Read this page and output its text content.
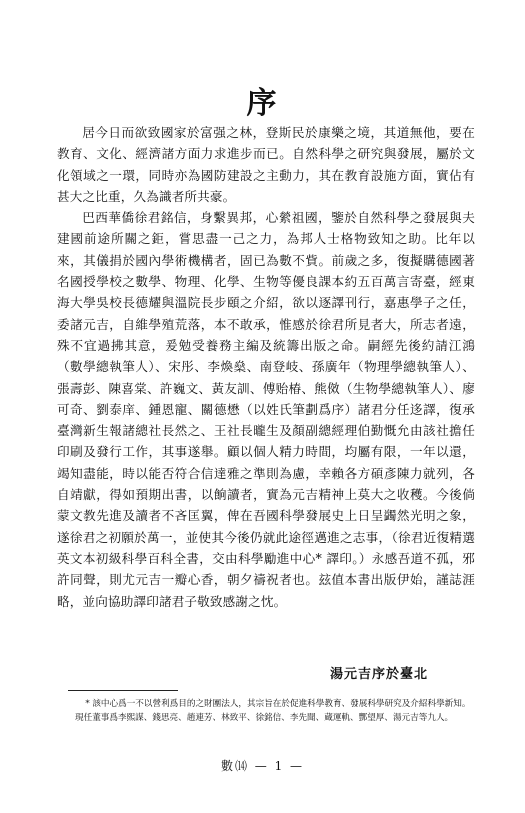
序

居今日而欲致國家於富强之林，登斯民於康樂之境，其道無他，要在教育、文化、經濟諸方面力求進步而已。自然科學之研究與發展，屬於文化領域之一環，同時亦為國防建設之主動力，其在教育設施方面，實佔有甚大之比重，久為識者所共豪。

巴西華僑徐君銘信，身繫異邦，心縈祖國，鑒於自然科學之發展與夫建國前途所關之鉅，嘗思盡一己之力，為邦人士格物致知之助。比年以來，其儀捐於國內學術機構者，固已為數不貲。前歲之多，復擬購德國著名國授學校之數學、物理、化學、生物等優良課本約五百萬言寄臺，經東海大學吳校長德耀與溫院長步頤之介紹，欲以逐譯刊行，嘉惠學子之任，委諸元吉，自維學殖荒落，本不敢承，惟感於徐君所見者大，所志者遠，殊不宜過拂其意，爰勉受養務主編及統籌出版之命。嗣經先後約請江鴻（數學總執筆人）、宋彤、李煥燊、南登岐、孫廣年（物理學總執筆人）、張壽彭、陳喜棠、許巍文、黃友訓、傅贻椿、熊傚（生物學總執筆人）、廖可奇、劉泰庠、鍾恩寵、關德懋（以姓氏筆劃爲序）諸君分任迻譯，復承臺灣新生報諸總社長然之、王社長曨生及顏副總經理伯勤慨允由該社擔任印刷及發行工作，其事遂舉。顧以個人精力時間，均屬有限，一年以還，竭知盡能，時以能否符合信達雅之準則為慮，幸賴各方碩彥陳力就列，各自靖獻，得如預期出書，以餉讀者，實為元吉精神上莫大之收穫。今後倘蒙文教先進及讀者不吝匡翼，俾在吾國科學發展史上日呈蠲然光明之象，遂徐君之初願於萬一，並使其今後仍就此途徑邁進之志事，（徐君近復精選英文本初級科學百科全書，交由科學勵進中心* 譯印。）永感吾道不孤，邪許同聲，則尤元吉一瓣心香，朝夕禱祝者也。玆值本書出版伊始，謹誌涯略，並向協助譯印諸君子敬致感謝之忱。

湯元吉序於臺北
* 該中心爲一不以營利爲目的之財團法人，其宗旨在於促進科學教育、發展科學研究及介紹科學新知。現任董事爲李熙謀、錢思亮、趙連芳、林致平、徐銘信、李先聞、蔵運軌、酆望厚、湯元吉等九人。
數⒁ — 1 —
